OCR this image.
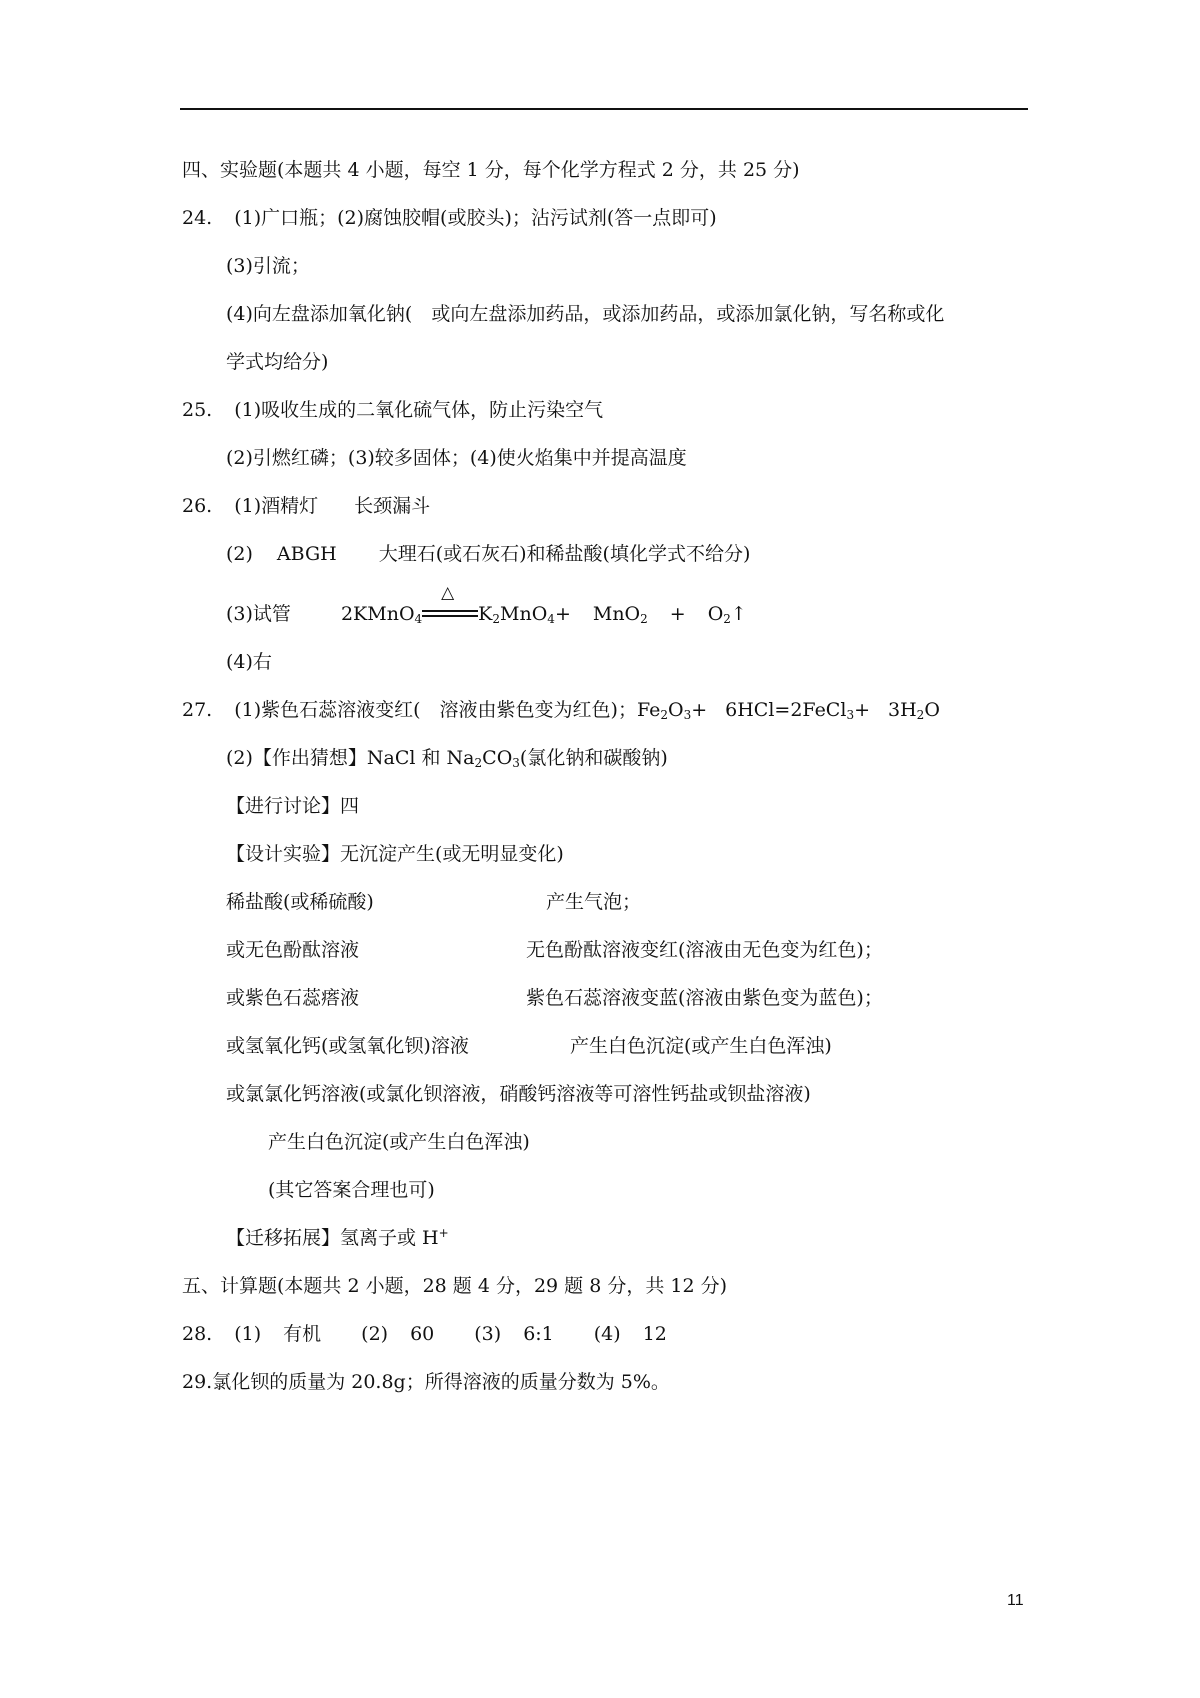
四、实验题(本题共 4 小题，每空 1 分，每个化学方程式 2 分，共 25 分)
24. (1)广口瓶；(2)腐蚀胶帽(或胶头)；沾污试剂(答一点即可)
(3)引流；
(4)向左盘添加氧化钠(　或向左盘添加药品，或添加药品，或添加氯化钠，写名称或化
学式均给分)
25. (1)吸收生成的二氧化硫气体，防止污染空气
(2)引燃红磷；(3)较多固体；(4)使火焰集中并提高温度
26. (1)酒精灯 长颈漏斗
(2) ABGH 大理石(或石灰石)和稀盐酸(填化学式不给分)
(3)试管	2KMnO$_4$
△
$K_2MnO_4+ MnO_2$ + $O_2↑$
(4)右
27. (1)紫色石蕊溶液变红(　溶液由紫色变为红色)；$Fe_2O_3+$ 6HCl=2FeCl$_3$+ $3H_2O$
(2)【作出猜想】NaCl 和 $Na_2CO_3$(氯化钠和碳酸钠)
【进行讨论】四
【设计实验】无沉淀产生(或无明显变化)
稀盐酸(或稀硫酸)	产生气泡；
或无色酚酞溶液	无色酚酞溶液变红(溶液由无色变为红色)；
或紫色石蕊瘩液	紫色石蕊溶液变蓝(溶液由紫色变为蓝色)；
或氢氧化钙(或氢氧化钡)溶液	产生白色沉淀(或产生白色浑浊)
或氯氯化钙溶液(或氯化钡溶液，硝酸钙溶液等可溶性钙盐或钡盐溶液)
产生白色沉淀(或产生白色浑浊)
(其它答案合理也可)
【迁移拓展】氢离子或 H+
五、计算题(本题共 2 小题，28 题 4 分，29 题 8 分，共 12 分)
28. (1) 有机 (2) 60 (3) 6:1 (4) 12
29.氯化钡的质量为 20.8g；所得溶液的质量分数为 5%。
11
